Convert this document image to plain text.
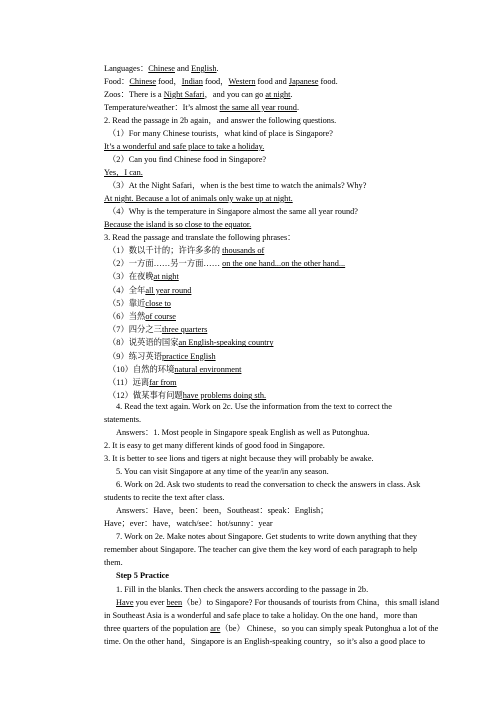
Languages：Chinese and English.
Food：Chinese food，Indian food，Western food and Japanese food.
Zoos：There is a Night Safari，and you can go at night.
Temperature/weather：It’s almost the same all year round.
2. Read the passage in 2b again，and answer the following questions.
（1）For many Chinese tourists，what kind of place is Singapore?
It’s a wonderful and safe place to take a holiday.
（2）Can you find Chinese food in Singapore?
Yes，I can.
（3）At the Night Safari，when is the best time to watch the animals? Why?
At night. Because a lot of animals only wake up at night.
（4）Why is the temperature in Singapore almost the same all year round?
Because the island is so close to the equator.
3. Read the passage and translate the following phrases：
（1）数以千计的；许许多多的 thousands of
（2）一方面……另一方面…… on the one hand...on the other hand...
（3）在夜晚at night
（4）全年all year round
（5）靠近close to
（6）当然of course
（7）四分之三three quarters
（8）说英语的国家an English-speaking country
（9）练习英语practice English
（10）自然的环境natural environment
（11）远离far from
（12）做某事有问题have problems doing sth.
4. Read the text again. Work on 2c. Use the information from the text to correct the
statements.
Answers：1. Most people in Singapore speak English as well as Putonghua.
2. It is easy to get many different kinds of good food in Singapore.
3. It is better to see lions and tigers at night because they will probably be awake.
5. You can visit Singapore at any time of the year/in any season.
6. Work on 2d. Ask two students to read the conversation to check the answers in class. Ask
students to recite the text after class.
Answers：Have，been：been，Southeast：speak：English；
Have；ever：have，watch/see：hot/sunny：year
7. Work on 2e. Make notes about Singapore. Get students to write down anything that they
remember about Singapore. The teacher can give them the key word of each paragraph to help
them.
Step 5 Practice
1. Fill in the blanks. Then check the answers according to the passage in 2b.
Have you ever been（be）to Singapore? For thousands of tourists from China，this small island
in Southeast Asia is a wonderful and safe place to take a holiday. On the one hand，more than
three quarters of the population are（be） Chinese，so you can simply speak Putonghua a lot of the
time. On the other hand，Singapore is an English-speaking country，so it’s also a good place to
